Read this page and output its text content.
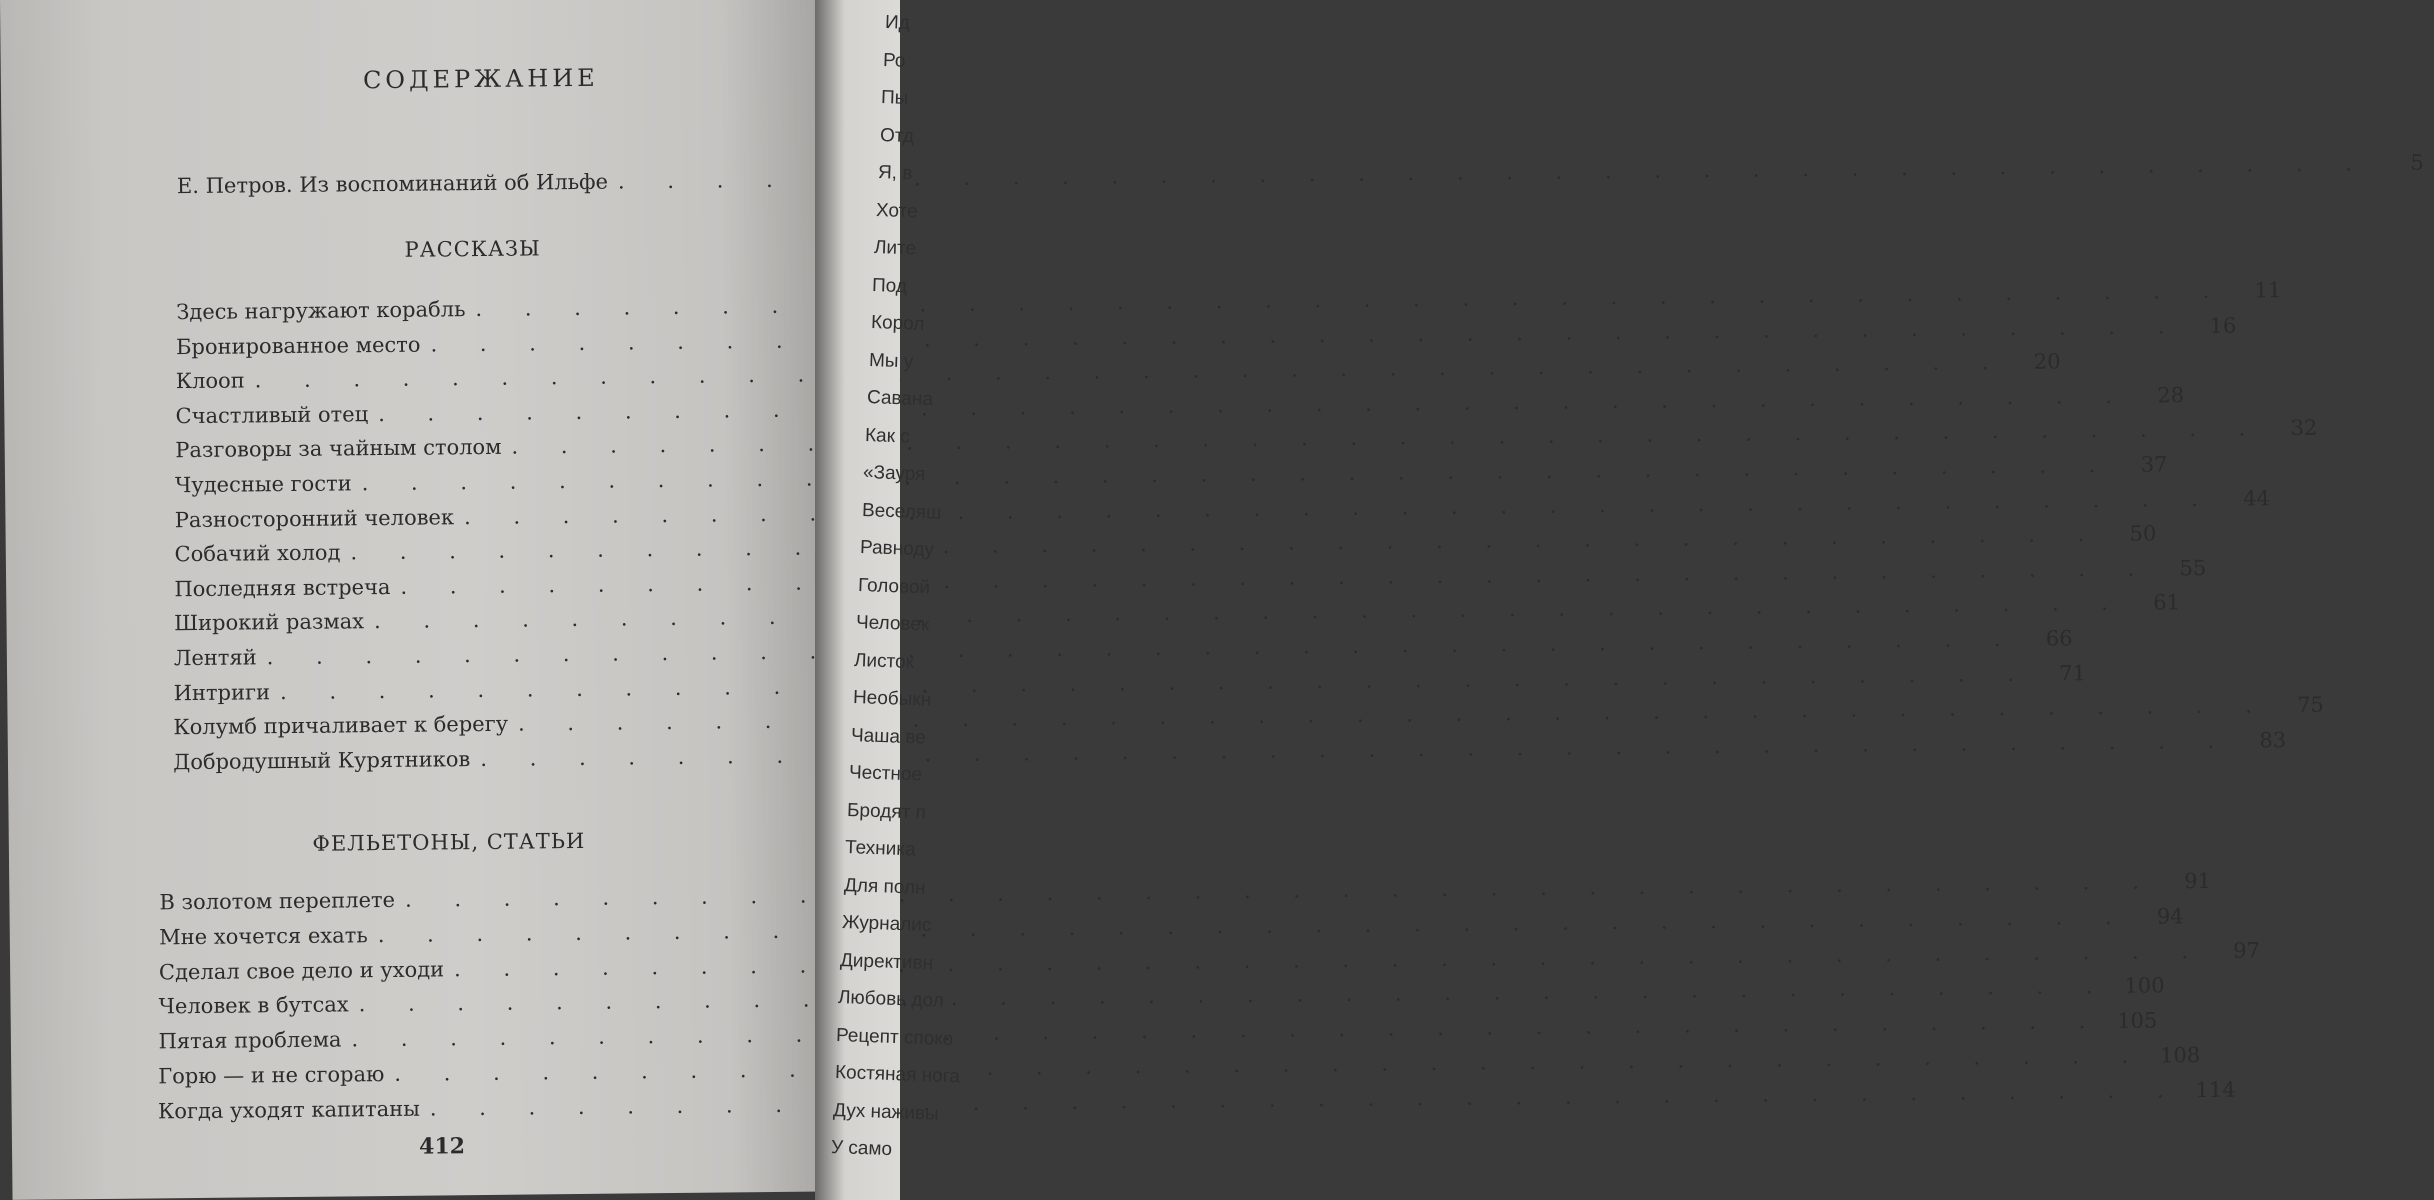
СОДЕРЖАНИЕ
Е. Петров. Из воспоминаний об Ильфе
. . .
5
РАССКАЗЫ
Здесь нагружают корабль
. . .
11
Бронированное место
. . .
16
Клооп
. . .
20
Счастливый отец
. . .
28
Разговоры за чайным столом
. . .
32
Чудесные гости
. . .
37
Разносторонний человек
. . .
44
Собачий холод
. . .
50
Последняя встреча
. . .
55
Широкий размах
. . .
61
Лентяй
. . .
66
Интриги
. . .
71
Колумб причаливает к берегу
. . .
75
Добродушный Курятников
. . .
83
ФЕЛЬЕТОНЫ, СТАТЬИ
В золотом переплете
. . .
91
Мне хочется ехать
. . .
94
Сделал свое дело и уходи
. . .
97
Человек в бутсах
. . .
100
Пятая проблема
. . .
105
Горю — и не сгораю
. . .
108
Когда уходят капитаны
. . .
114
412
Ид
Ро
Пы
Отд
Я, в
Хоте
Лите
Под
Корол
Мы у
Савана
Как с
«Зауря
Веселяш
Равноду
Головой
Человек
Листок
Необыкн
Чаша ве
Честное
Бродят п
Техника
Для полн
Журналис
Директивн
Любовь дол
Рецепт споко
Костяная нога
Дух наживы
У само
